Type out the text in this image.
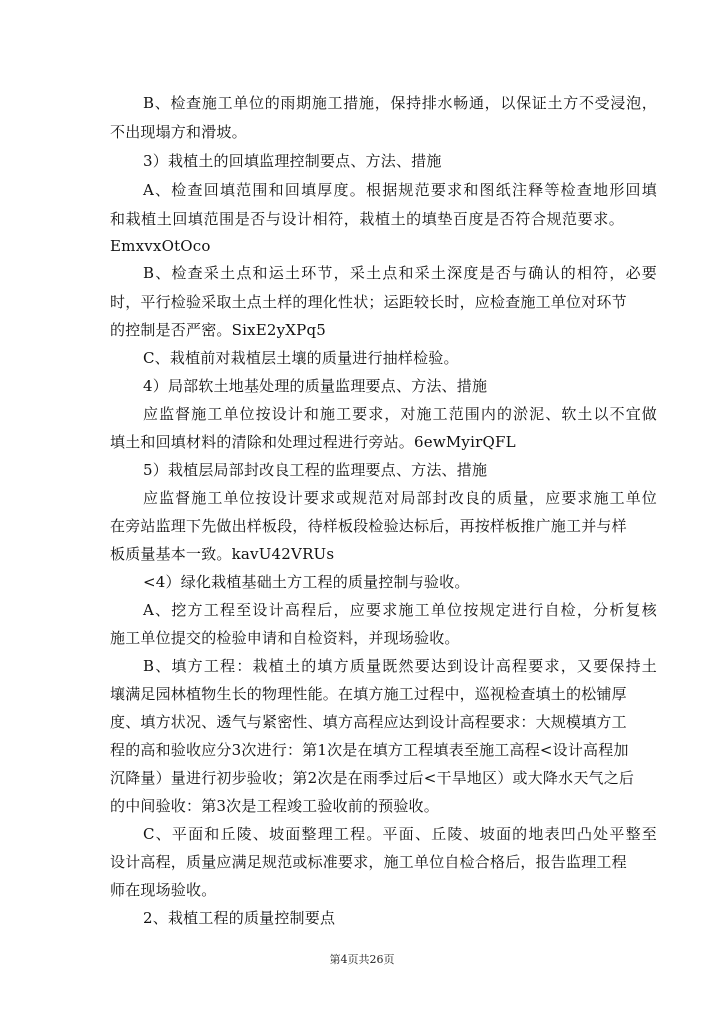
B、检查施工单位的雨期施工措施，保持排水畅通，以保证土方不受浸泡，
不出现塌方和滑坡。
3）栽植土的回填监理控制要点、方法、措施
A、检查回填范围和回填厚度。根据规范要求和图纸注释等检查地形回填
和栽植土回填范围是否与设计相符，栽植土的填垫百度是否符合规范要求。
EmxvxOtOco
B、检查采土点和运土环节，采土点和采土深度是否与确认的相符，必要
时，平行检验采取土点土样的理化性状；运距较长时，应检查施工单位对环节
的控制是否严密。SixE2yXPq5
C、栽植前对栽植层土壤的质量进行抽样检验。
4）局部软土地基处理的质量监理要点、方法、措施
应监督施工单位按设计和施工要求，对施工范围内的淤泥、软土以不宜做
填土和回填材料的清除和处理过程进行旁站。6ewMyirQFL
5）栽植层局部封改良工程的监理要点、方法、措施
应监督施工单位按设计要求或规范对局部封改良的质量，应要求施工单位
在旁站监理下先做出样板段，待样板段检验达标后，再按样板推广施工并与样
板质量基本一致。kavU42VRUs
<4）绿化栽植基础土方工程的质量控制与验收。
A、挖方工程至设计高程后，应要求施工单位按规定进行自检，分析复核
施工单位提交的检验申请和自检资料，并现场验收。
B、填方工程：栽植土的填方质量既然要达到设计高程要求，又要保持土
壤满足园林植物生长的物理性能。在填方施工过程中，巡视检查填土的松铺厚
度、填方状况、透气与紧密性、填方高程应达到设计高程要求：大规模填方工
程的高和验收应分3次进行：第1次是在填方工程填表至施工高程<设计高程加
沉降量）量进行初步验收；第2次是在雨季过后<干旱地区）或大降水天气之后
的中间验收：第3次是工程竣工验收前的预验收。
C、平面和丘陵、坡面整理工程。平面、丘陵、坡面的地表凹凸处平整至
设计高程，质量应满足规范或标准要求，施工单位自检合格后，报告监理工程
师在现场验收。
2、栽植工程的质量控制要点
第4页共26页
